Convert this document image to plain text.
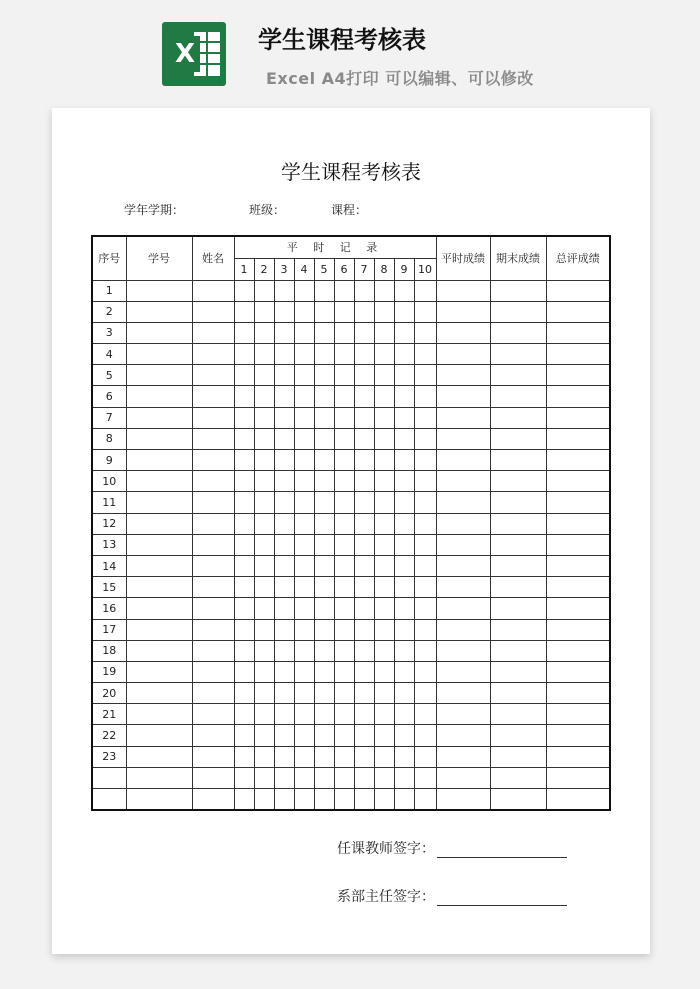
X	学生课程考核表
Excel A4打印 可以编辑、可以修改
学生课程考核表
学年学期：	班级：	课程：
序号	学号	姓名	平 时 记 录										平时成绩	期末成绩	总评成绩
			1	2	3	4	5	6	7	8	9	10			
1															
2															
3															
4															
5															
6															
7															
8															
9															
10															
11															
12															
13															
14															
15															
16															
17															
18															
19															
20															
21															
22															
23															

任课教师签字：
系部主任签字：
